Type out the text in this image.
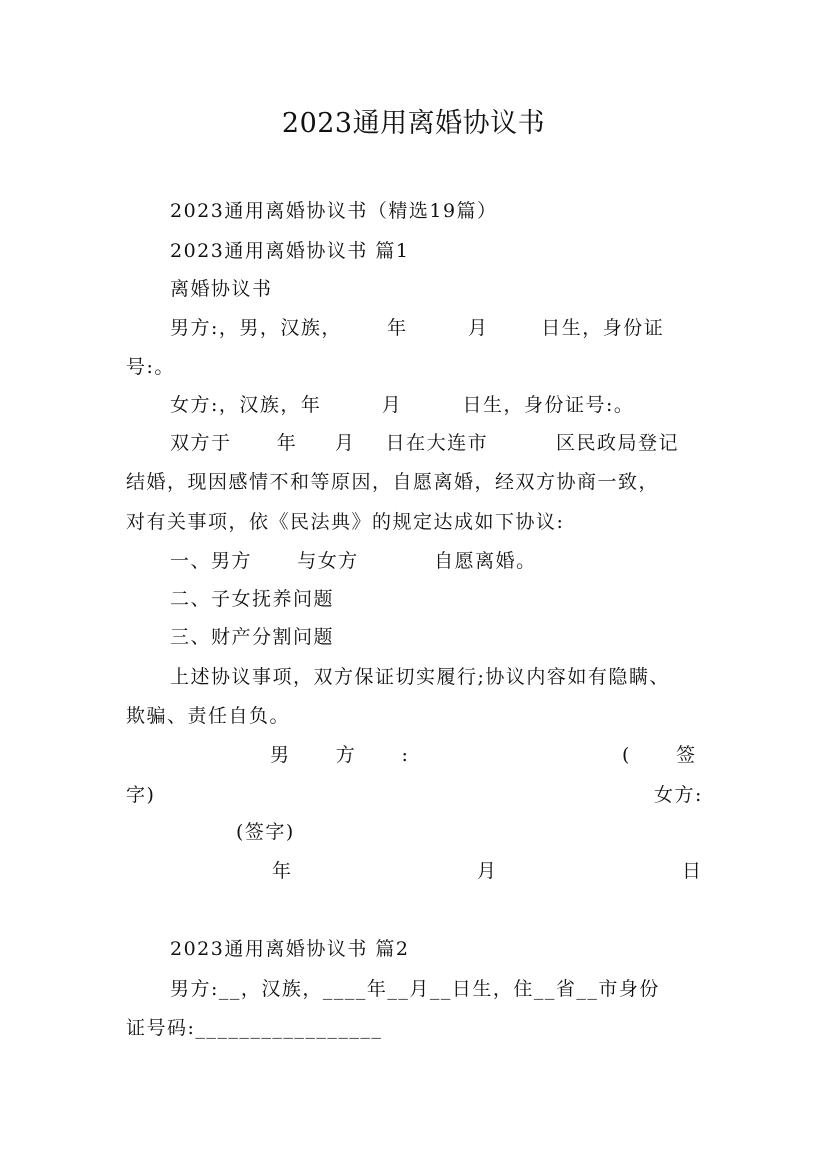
2023通用离婚协议书
2023通用离婚协议书（精选19篇）
2023通用离婚协议书 篇1
离婚协议书
男方:，男，汉族，      年        月       日生，身份证
号:。
女方:，汉族，年        月        日生，身份证号:。
双方于      年     月    日在大连市         区民政局登记
结婚，现因感情不和等原因，自愿离婚，经双方协商一致，
对有关事项，依《民法典》的规定达成如下协议:
一、男方      与女方          自愿离婚。
二、子女抚养问题
三、财产分割问题
上述协议事项，双方保证切实履行;协议内容如有隐瞒、
欺骗、责任自负。
男      方      :	(      签
字)	女方:
(签字)
年	月	日
2023通用离婚协议书 篇2
男方:__，汉族，____年__月__日生，住__省__市身份
证号码:_________________
